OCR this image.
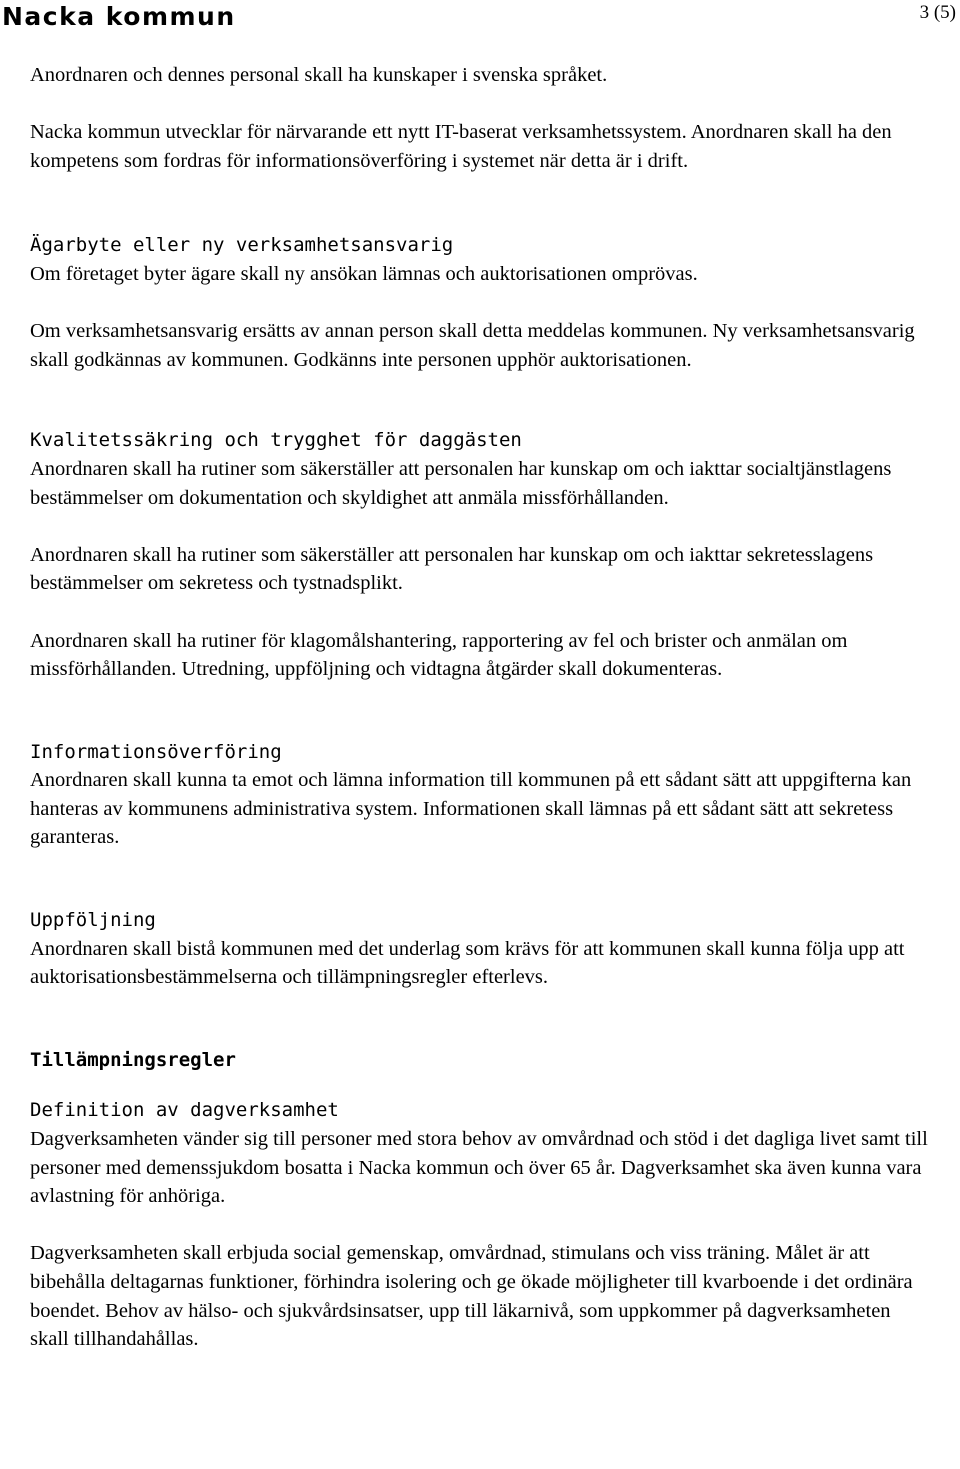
Nacka kommun	3 (5)

Anordnaren och dennes personal skall ha kunskaper i svenska språket.

Nacka kommun utvecklar för närvarande ett nytt IT-baserat verksamhetssystem. Anordnaren skall ha den kompetens som fordras för informationsöverföring i systemet när detta är i drift.

Ägarbyte eller ny verksamhetsansvarig

Om företaget byter ägare skall ny ansökan lämnas och auktorisationen omprövas.

Om verksamhetsansvarig ersätts av annan person skall detta meddelas kommunen. Ny verksamhetsansvarig skall godkännas av kommunen. Godkänns inte personen upphör auktorisationen.

Kvalitetssäkring och trygghet för daggästen

Anordnaren skall ha rutiner som säkerställer att personalen har kunskap om och iakttar socialtjänstlagens bestämmelser om dokumentation och skyldighet att anmäla missförhållanden.

Anordnaren skall ha rutiner som säkerställer att personalen har kunskap om och iakttar sekretesslagens bestämmelser om sekretess och tystnadsplikt.

Anordnaren skall ha rutiner för klagomålshantering, rapportering av fel och brister och anmälan om missförhållanden. Utredning, uppföljning och vidtagna åtgärder skall dokumenteras.

Informationsöverföring

Anordnaren skall kunna ta emot och lämna information till kommunen på ett sådant sätt att uppgifterna kan hanteras av kommunens administrativa system. Informationen skall lämnas på ett sådant sätt att sekretess garanteras.

Uppföljning

Anordnaren skall bistå kommunen med det underlag som krävs för att kommunen skall kunna följa upp att auktorisationsbestämmelserna och tillämpningsregler efterlevs.

Tillämpningsregler
Definition av dagverksamhet

Dagverksamheten vänder sig till personer med stora behov av omvårdnad och stöd i det dagliga livet samt till personer med demenssjukdom bosatta i Nacka kommun och över 65 år. Dagverksamhet ska även kunna vara avlastning för anhöriga.

Dagverksamheten skall erbjuda social gemenskap, omvårdnad, stimulans och viss träning. Målet är att bibehålla deltagarnas funktioner, förhindra isolering och ge ökade möjligheter till kvarboende i det ordinära boendet. Behov av hälso- och sjukvårdsinsatser, upp till läkarnivå, som uppkommer på dagverksamheten skall tillhandahållas.
